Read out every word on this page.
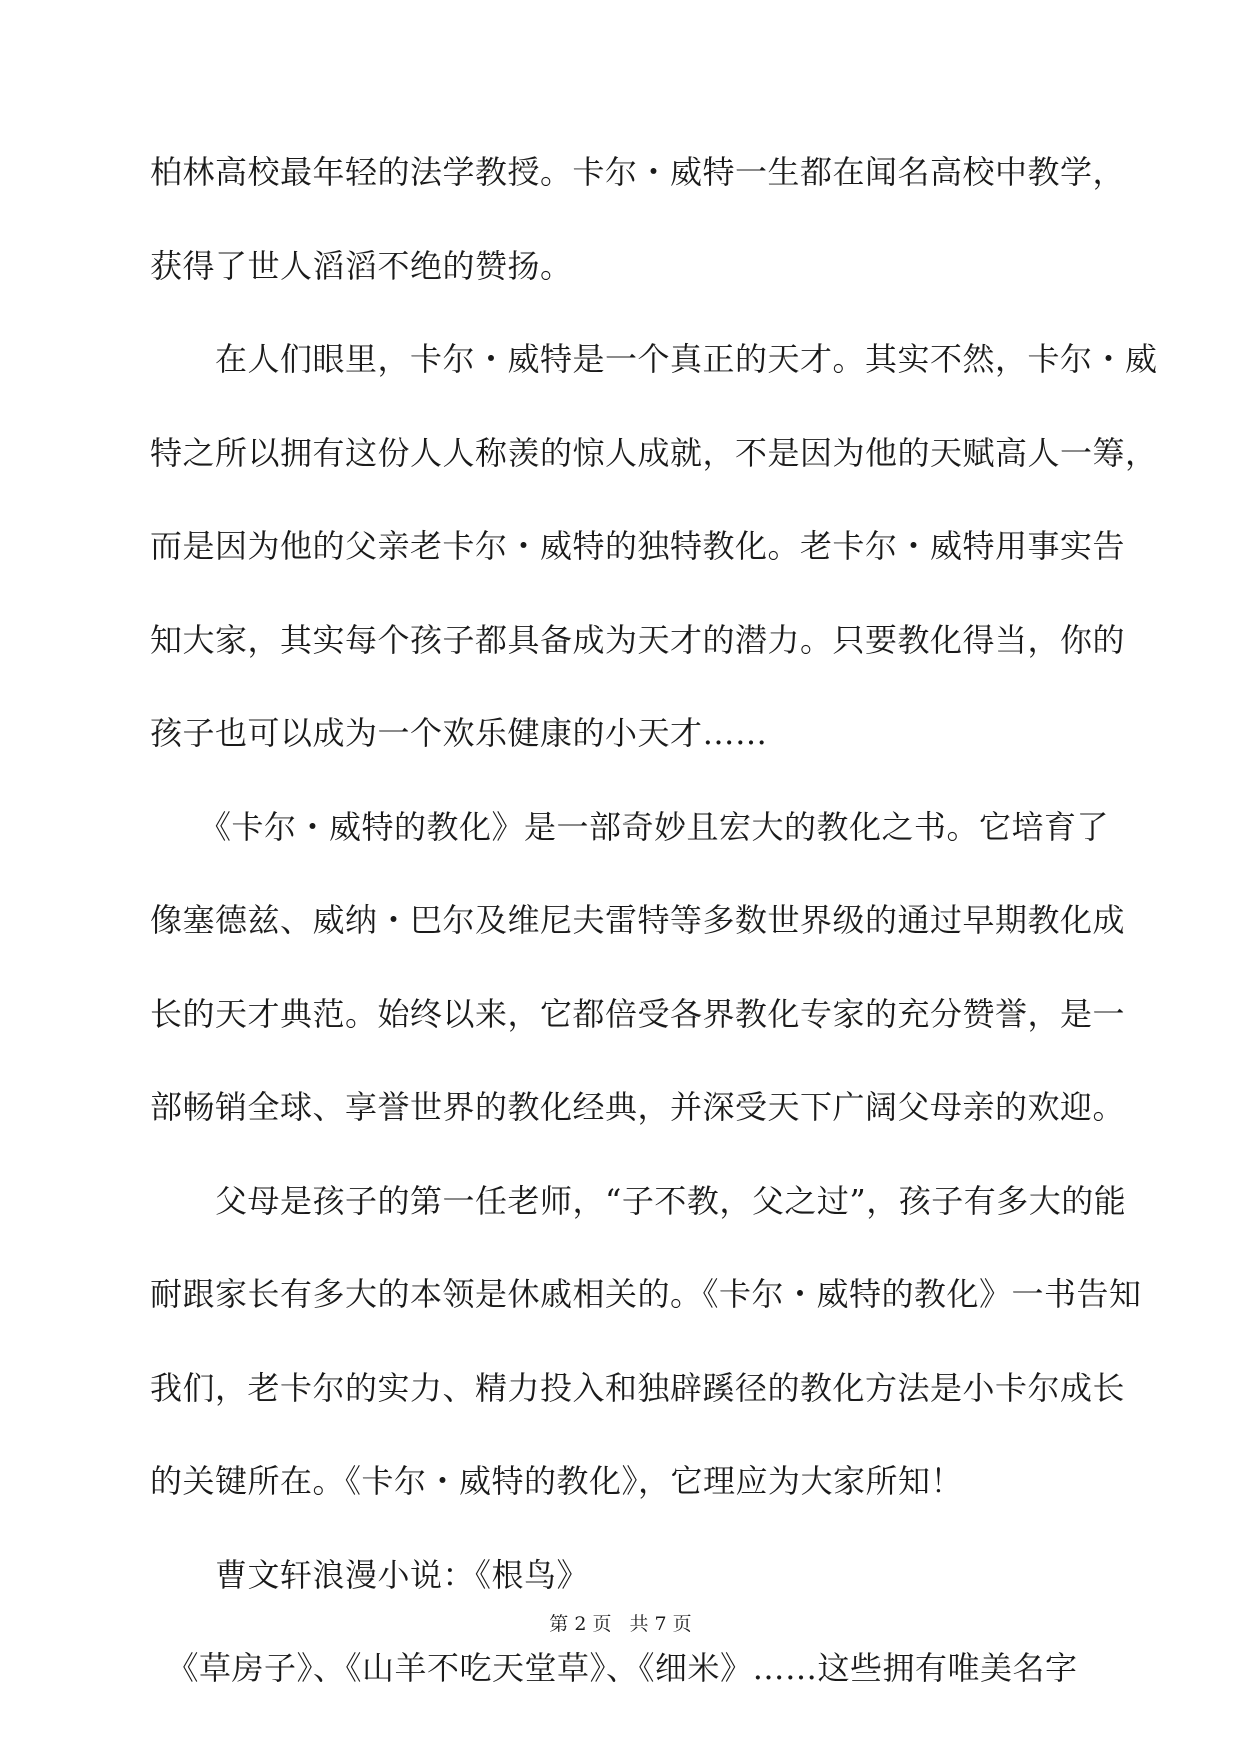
柏林高校最年轻的法学教授。卡尔・威特一生都在闻名高校中教学，
获得了世人滔滔不绝的赞扬。
　　在人们眼里，卡尔・威特是一个真正的天才。其实不然，卡尔・威
特之所以拥有这份人人称羡的惊人成就，不是因为他的天赋高人一筹，
而是因为他的父亲老卡尔・威特的独特教化。老卡尔・威特用事实告
知大家，其实每个孩子都具备成为天才的潜力。只要教化得当，你的
孩子也可以成为一个欢乐健康的小天才……
　　《卡尔・威特的教化》是一部奇妙且宏大的教化之书。它培育了
像塞德兹、威纳・巴尔及维尼夫雷特等多数世界级的通过早期教化成
长的天才典范。始终以来，它都倍受各界教化专家的充分赞誉，是一
部畅销全球、享誉世界的教化经典，并深受天下广阔父母亲的欢迎。
　　父母是孩子的第一任老师，“子不教，父之过”，孩子有多大的能
耐跟家长有多大的本领是休戚相关的。《卡尔・威特的教化》一书告知
我们，老卡尔的实力、精力投入和独辟蹊径的教化方法是小卡尔成长
的关键所在。《卡尔・威特的教化》，它理应为大家所知！
　　曹文轩浪漫小说：《根鸟》
　《草房子》、《山羊不吃天堂草》、《细米》……这些拥有唯美名字
第 2 页 共 7 页
